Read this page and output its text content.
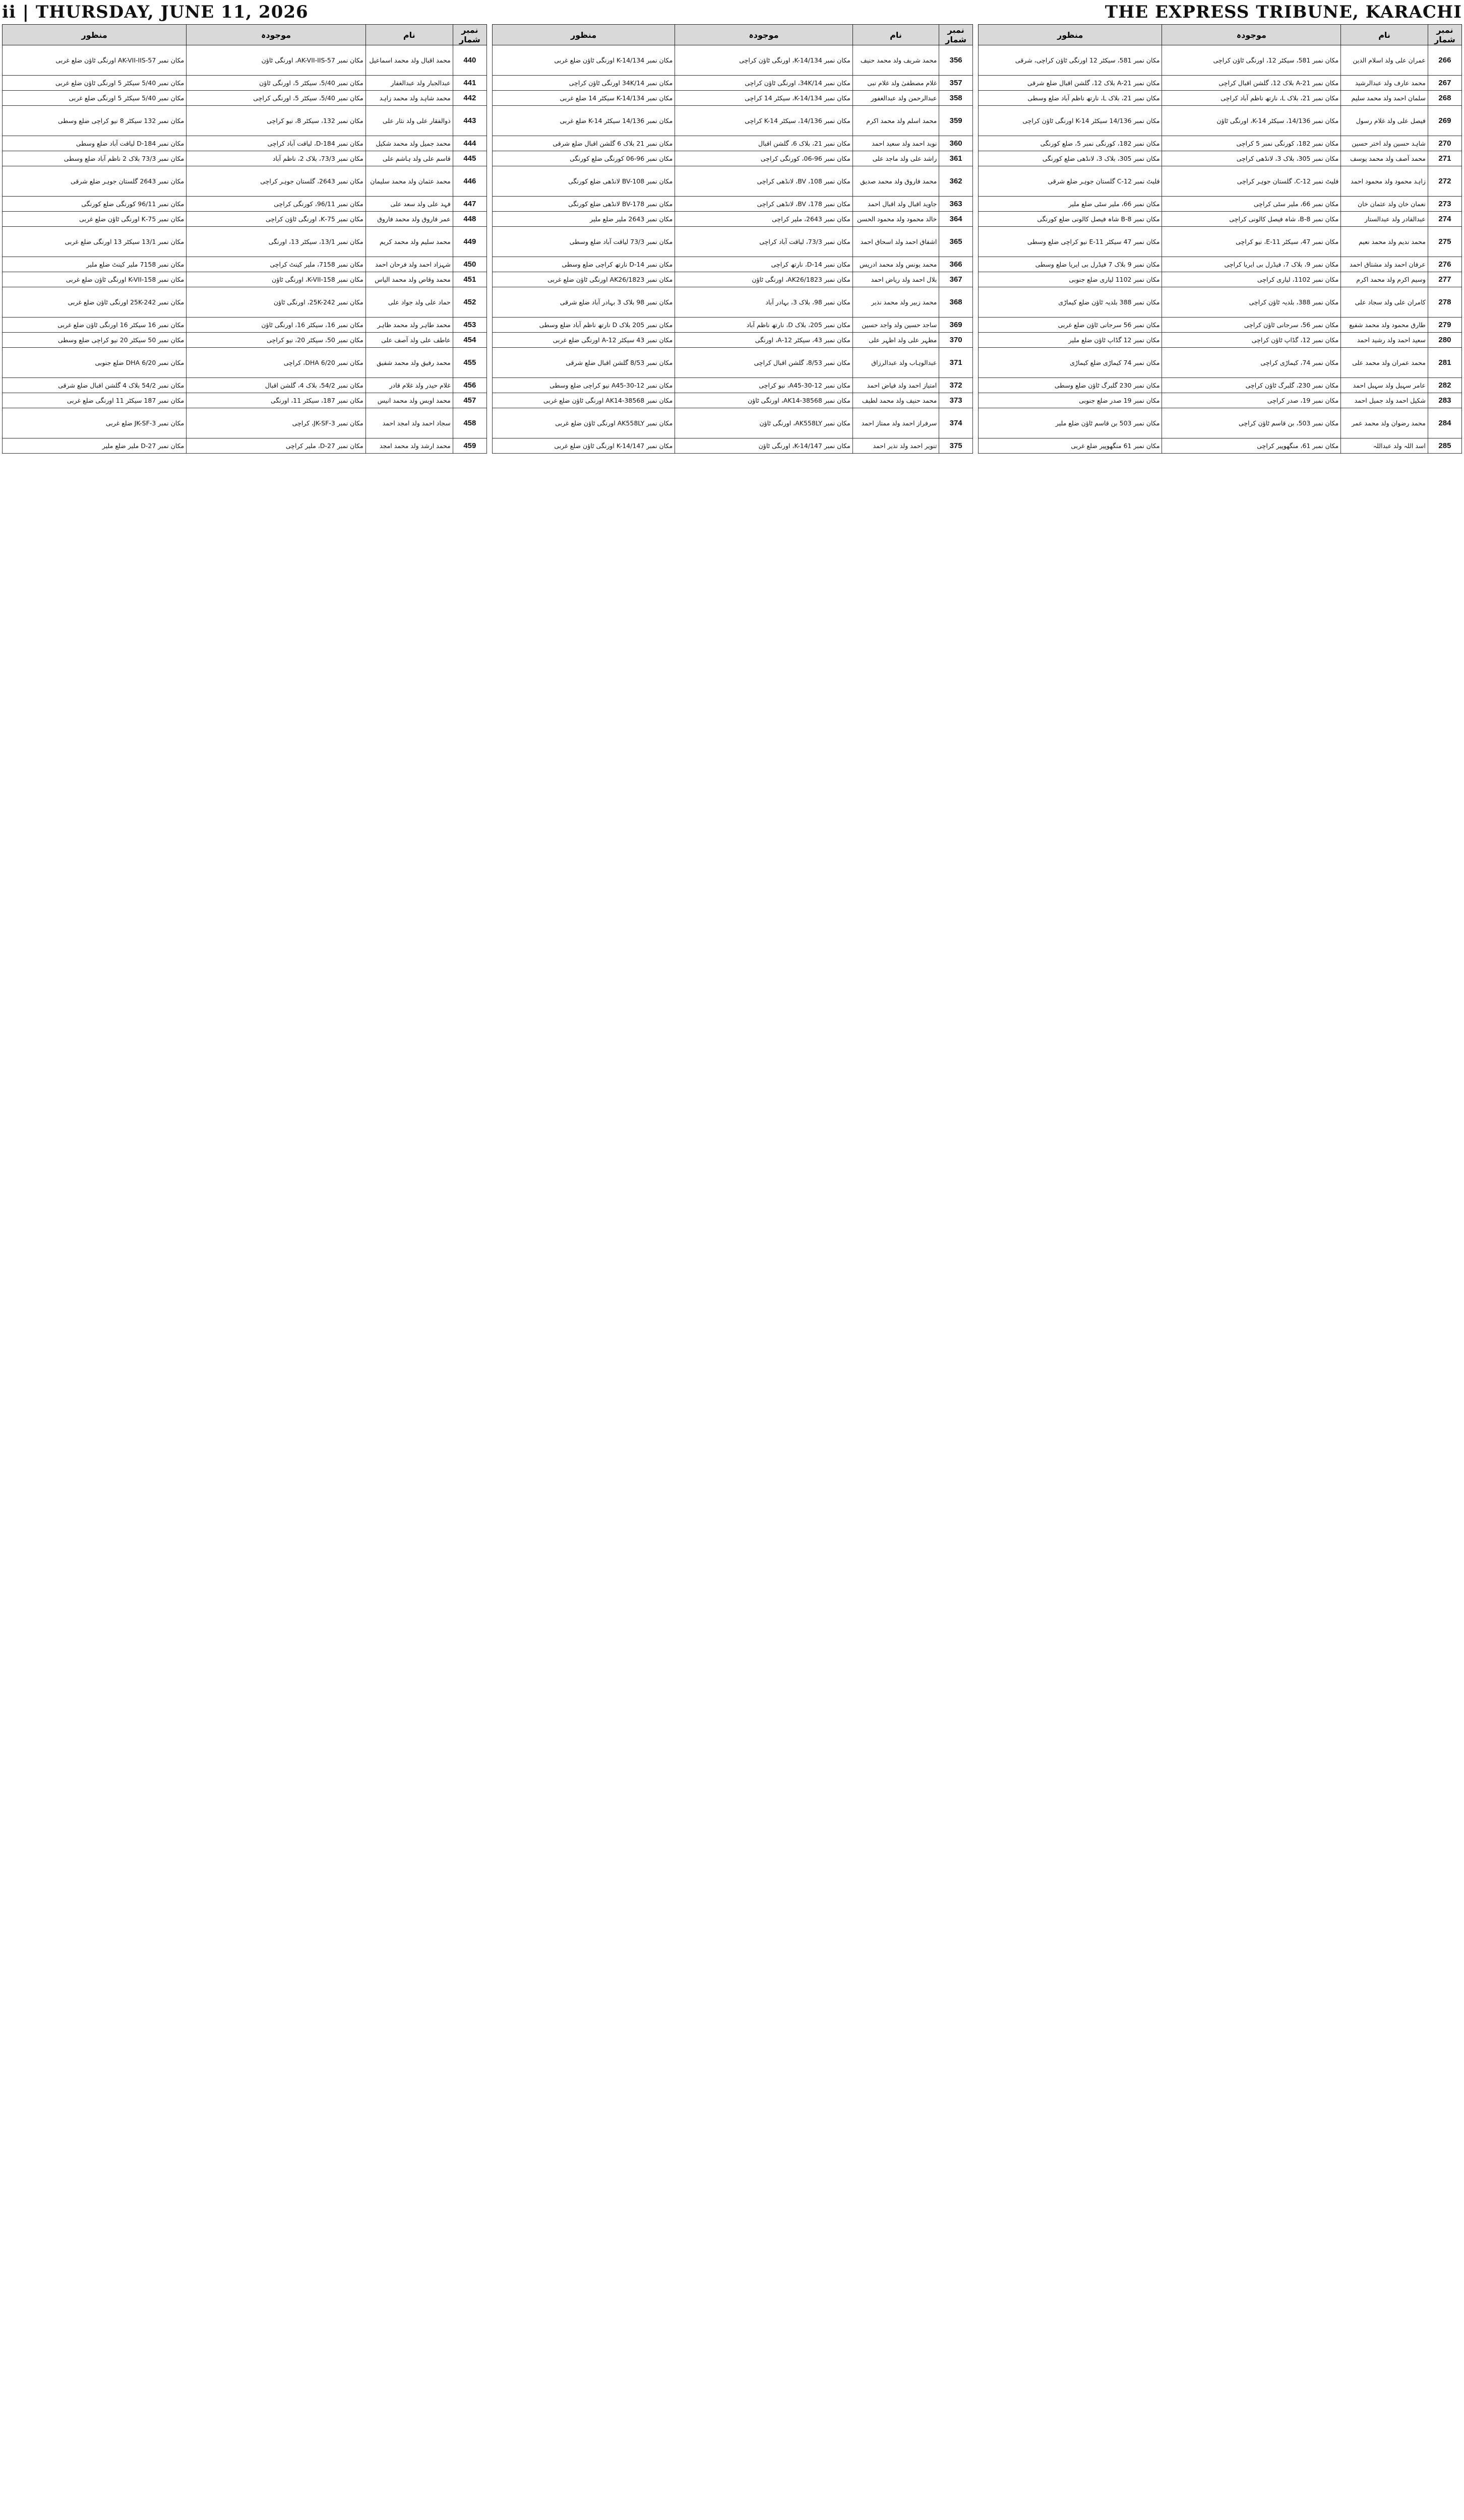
ii | THURSDAY, JUNE 11, 2026	THE EXPRESS TRIBUNE, KARACHI
نمبر شمار	نام	موجودہ	منظور
266	عمران علی ولد اسلام الدین	مکان نمبر 581، سیکٹر 12، اورنگی ٹاؤن کراچی	مکان نمبر 581، سیکٹر 12 اورنگی ٹاؤن کراچی، شرقی
267	محمد عارف ولد عبدالرشید	مکان نمبر A-21 بلاک 12، گلشن اقبال کراچی	مکان نمبر A-21 بلاک 12، گلشن اقبال ضلع شرقی
268	سلمان احمد ولد محمد سلیم	مکان نمبر 21، بلاک L، نارتھ ناظم آباد کراچی	مکان نمبر 21، بلاک L، نارتھ ناظم آباد ضلع وسطی
269	فیصل علی ولد غلام رسول	مکان نمبر 14/136، سیکٹر K-14، اورنگی ٹاؤن	مکان نمبر 14/136 سیکٹر K-14 اورنگی ٹاؤن کراچی
270	شاہد حسین ولد اختر حسین	مکان نمبر 182، کورنگی نمبر 5 کراچی	مکان نمبر 182، کورنگی نمبر 5، ضلع کورنگی
271	محمد آصف ولد محمد یوسف	مکان نمبر 305، بلاک 3، لانڈھی کراچی	مکان نمبر 305، بلاک 3، لانڈھی ضلع کورنگی
272	زاہد محمود ولد محمود احمد	فلیٹ نمبر C-12، گلستان جوہر کراچی	فلیٹ نمبر C-12 گلستان جوہر ضلع شرقی
273	نعمان خان ولد عثمان خان	مکان نمبر 66، ملیر سٹی کراچی	مکان نمبر 66، ملیر سٹی ضلع ملیر
274	عبدالقادر ولد عبدالستار	مکان نمبر B-8، شاہ فیصل کالونی کراچی	مکان نمبر B-8 شاہ فیصل کالونی ضلع کورنگی
275	محمد ندیم ولد محمد نعیم	مکان نمبر 47، سیکٹر 11-E، نیو کراچی	مکان نمبر 47 سیکٹر 11-E نیو کراچی ضلع وسطی
276	عرفان احمد ولد مشتاق احمد	مکان نمبر 9، بلاک 7، فیڈرل بی ایریا کراچی	مکان نمبر 9 بلاک 7 فیڈرل بی ایریا ضلع وسطی
277	وسیم اکرم ولد محمد اکرم	مکان نمبر 1102، لیاری کراچی	مکان نمبر 1102 لیاری ضلع جنوبی
278	کامران علی ولد سجاد علی	مکان نمبر 388، بلدیہ ٹاؤن کراچی	مکان نمبر 388 بلدیہ ٹاؤن ضلع کیماڑی
279	طارق محمود ولد محمد شفیع	مکان نمبر 56، سرجانی ٹاؤن کراچی	مکان نمبر 56 سرجانی ٹاؤن ضلع غربی
280	سعید احمد ولد رشید احمد	مکان نمبر 12، گڈاپ ٹاؤن کراچی	مکان نمبر 12 گڈاپ ٹاؤن ضلع ملیر
281	محمد عمران ولد محمد علی	مکان نمبر 74، کیماڑی کراچی	مکان نمبر 74 کیماڑی ضلع کیماڑی
282	عامر سہیل ولد سہیل احمد	مکان نمبر 230، گلبرگ ٹاؤن کراچی	مکان نمبر 230 گلبرگ ٹاؤن ضلع وسطی
283	شکیل احمد ولد جمیل احمد	مکان نمبر 19، صدر کراچی	مکان نمبر 19 صدر ضلع جنوبی
284	محمد رضوان ولد محمد عمر	مکان نمبر 503، بن قاسم ٹاؤن کراچی	مکان نمبر 503 بن قاسم ٹاؤن ضلع ملیر
285	اسد اللہ ولد عبداللہ	مکان نمبر 61، منگھوپیر کراچی	مکان نمبر 61 منگھوپیر ضلع غربی
نمبر شمار	نام	موجودہ	منظور
356	محمد شریف ولد محمد حنیف	مکان نمبر K-14/134، اورنگی ٹاؤن کراچی	مکان نمبر K-14/134 اورنگی ٹاؤن ضلع غربی
357	غلام مصطفیٰ ولد غلام نبی	مکان نمبر 34K/14، اورنگی ٹاؤن کراچی	مکان نمبر 34K/14 اورنگی ٹاؤن کراچی
358	عبدالرحمن ولد عبدالغفور	مکان نمبر K-14/134، سیکٹر 14 کراچی	مکان نمبر K-14/134 سیکٹر 14 ضلع غربی
359	محمد اسلم ولد محمد اکرم	مکان نمبر 14/136، سیکٹر K-14 کراچی	مکان نمبر 14/136 سیکٹر K-14 ضلع غربی
360	نوید احمد ولد سعید احمد	مکان نمبر 21، بلاک 6، گلشن اقبال	مکان نمبر 21 بلاک 6 گلشن اقبال ضلع شرقی
361	راشد علی ولد ماجد علی	مکان نمبر 96-06، کورنگی کراچی	مکان نمبر 96-06 کورنگی ضلع کورنگی
362	محمد فاروق ولد محمد صدیق	مکان نمبر 108، BV، لانڈھی کراچی	مکان نمبر BV-108 لانڈھی ضلع کورنگی
363	جاوید اقبال ولد اقبال احمد	مکان نمبر 178، BV، لانڈھی کراچی	مکان نمبر BV-178 لانڈھی ضلع کورنگی
364	خالد محمود ولد محمود الحسن	مکان نمبر 2643، ملیر کراچی	مکان نمبر 2643 ملیر ضلع ملیر
365	اشفاق احمد ولد اسحاق احمد	مکان نمبر 73/3، لیاقت آباد کراچی	مکان نمبر 73/3 لیاقت آباد ضلع وسطی
366	محمد یونس ولد محمد ادریس	مکان نمبر D-14، نارتھ کراچی	مکان نمبر D-14 نارتھ کراچی ضلع وسطی
367	بلال احمد ولد ریاض احمد	مکان نمبر AK26/1823، اورنگی ٹاؤن	مکان نمبر AK26/1823 اورنگی ٹاؤن ضلع غربی
368	محمد زبیر ولد محمد نذیر	مکان نمبر 98، بلاک 3، بہادر آباد	مکان نمبر 98 بلاک 3 بہادر آباد ضلع شرقی
369	ساجد حسین ولد واجد حسین	مکان نمبر 205، بلاک D، نارتھ ناظم آباد	مکان نمبر 205 بلاک D نارتھ ناظم آباد ضلع وسطی
370	مظہر علی ولد اظہر علی	مکان نمبر 43، سیکٹر 12-A، اورنگی	مکان نمبر 43 سیکٹر 12-A اورنگی ضلع غربی
371	عبدالوہاب ولد عبدالرزاق	مکان نمبر 8/53، گلشن اقبال کراچی	مکان نمبر 8/53 گلشن اقبال ضلع شرقی
372	امتیاز احمد ولد فیاض احمد	مکان نمبر 12-A45-30، نیو کراچی	مکان نمبر 12-A45-30 نیو کراچی ضلع وسطی
373	محمد حنیف ولد محمد لطیف	مکان نمبر AK14-38568، اورنگی ٹاؤن	مکان نمبر AK14-38568 اورنگی ٹاؤن ضلع غربی
374	سرفراز احمد ولد ممتاز احمد	مکان نمبر AK558LY، اورنگی ٹاؤن	مکان نمبر AK558LY اورنگی ٹاؤن ضلع غربی
375	تنویر احمد ولد نذیر احمد	مکان نمبر K-14/147، اورنگی ٹاؤن	مکان نمبر K-14/147 اورنگی ٹاؤن ضلع غربی
نمبر شمار	نام	موجودہ	منظور
440	محمد اقبال ولد محمد اسماعیل	مکان نمبر AK-VII-IIS-57، اورنگی ٹاؤن	مکان نمبر AK-VII-IIS-57 اورنگی ٹاؤن ضلع غربی
441	عبدالجبار ولد عبدالغفار	مکان نمبر 5/40، سیکٹر 5، اورنگی ٹاؤن	مکان نمبر 5/40 سیکٹر 5 اورنگی ٹاؤن ضلع غربی
442	محمد شاہد ولد محمد زاہد	مکان نمبر 5/40، سیکٹر 5، اورنگی کراچی	مکان نمبر 5/40 سیکٹر 5 اورنگی ضلع غربی
443	ذوالفقار علی ولد نثار علی	مکان نمبر 132، سیکٹر 8، نیو کراچی	مکان نمبر 132 سیکٹر 8 نیو کراچی ضلع وسطی
444	محمد جمیل ولد محمد شکیل	مکان نمبر D-184، لیاقت آباد کراچی	مکان نمبر D-184 لیاقت آباد ضلع وسطی
445	قاسم علی ولد ہاشم علی	مکان نمبر 73/3، بلاک 2، ناظم آباد	مکان نمبر 73/3 بلاک 2 ناظم آباد ضلع وسطی
446	محمد عثمان ولد محمد سلیمان	مکان نمبر 2643، گلستان جوہر کراچی	مکان نمبر 2643 گلستان جوہر ضلع شرقی
447	فہد علی ولد سعد علی	مکان نمبر 96/11، کورنگی کراچی	مکان نمبر 96/11 کورنگی ضلع کورنگی
448	عمر فاروق ولد محمد فاروق	مکان نمبر 75-K، اورنگی ٹاؤن کراچی	مکان نمبر 75-K اورنگی ٹاؤن ضلع غربی
449	محمد سلیم ولد محمد کریم	مکان نمبر 13/1، سیکٹر 13، اورنگی	مکان نمبر 13/1 سیکٹر 13 اورنگی ضلع غربی
450	شہزاد احمد ولد فرحان احمد	مکان نمبر 7158، ملیر کینٹ کراچی	مکان نمبر 7158 ملیر کینٹ ضلع ملیر
451	محمد وقاص ولد محمد الیاس	مکان نمبر K-VII-158، اورنگی ٹاؤن	مکان نمبر K-VII-158 اورنگی ٹاؤن ضلع غربی
452	حماد علی ولد جواد علی	مکان نمبر 25K-242، اورنگی ٹاؤن	مکان نمبر 25K-242 اورنگی ٹاؤن ضلع غربی
453	محمد طاہر ولد محمد ظاہر	مکان نمبر 16، سیکٹر 16، اورنگی ٹاؤن	مکان نمبر 16 سیکٹر 16 اورنگی ٹاؤن ضلع غربی
454	عاطف علی ولد آصف علی	مکان نمبر 50، سیکٹر 20، نیو کراچی	مکان نمبر 50 سیکٹر 20 نیو کراچی ضلع وسطی
455	محمد رفیق ولد محمد شفیق	مکان نمبر DHA 6/20، کراچی	مکان نمبر DHA 6/20 ضلع جنوبی
456	غلام حیدر ولد غلام قادر	مکان نمبر 54/2، بلاک 4، گلشن اقبال	مکان نمبر 54/2 بلاک 4 گلشن اقبال ضلع شرقی
457	محمد اویس ولد محمد انیس	مکان نمبر 187، سیکٹر 11، اورنگی	مکان نمبر 187 سیکٹر 11 اورنگی ضلع غربی
458	سجاد احمد ولد امجد احمد	مکان نمبر 3-JK-SF، کراچی	مکان نمبر 3-JK-SF ضلع غربی
459	محمد ارشد ولد محمد امجد	مکان نمبر 27-D، ملیر کراچی	مکان نمبر 27-D ملیر ضلع ملیر
